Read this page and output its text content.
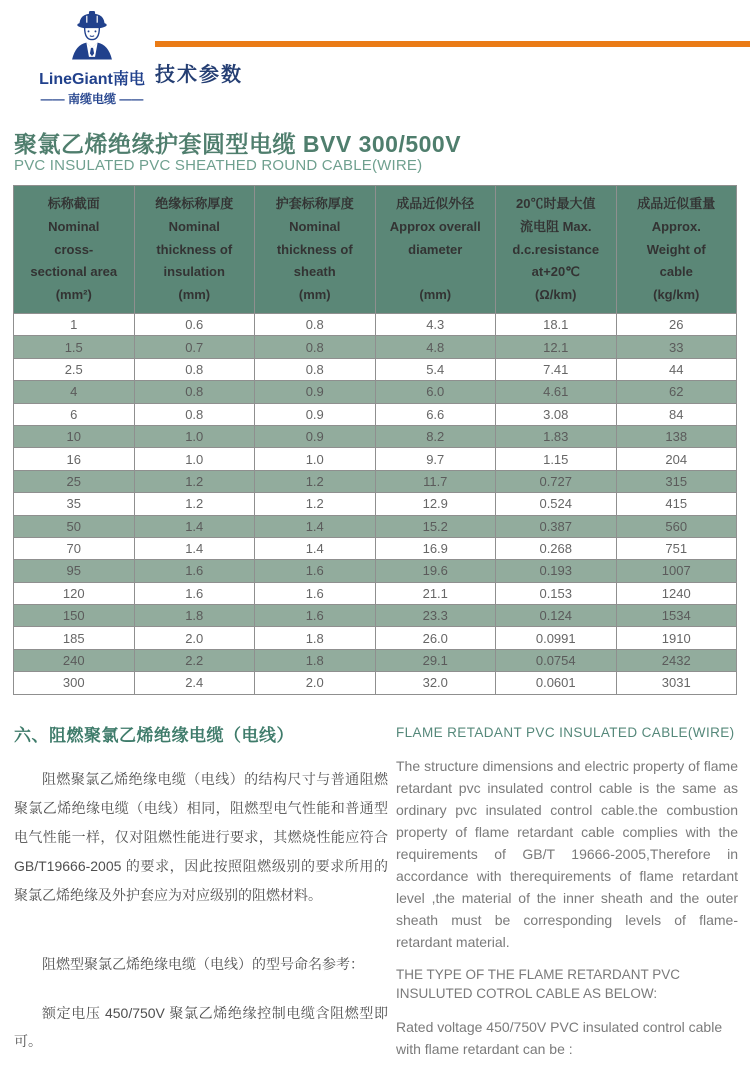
LineGiant南电
—— 南缆电缆 ——
技术参数
聚氯乙烯绝缘护套圆型电缆 BVV 300/500V
PVC INSULATED PVC SHEATHED ROUND CABLE(WIRE)
标称截面
Nominal
cross-
sectional area
(mm²)

绝缘标称厚度
Nominal
thickness of
insulation
(mm)

护套标称厚度
Nominal
thickness of
sheath
(mm)

成品近似外径
Approx overall
diameter
(mm)

20℃时最大值
流电阻 Max.
d.c.resistance
at+20℃
(Ω/km)

成品近似重量
Approx.
Weight of
cable
(kg/km)

1	0.6	0.8	4.3	18.1	26
1.5	0.7	0.8	4.8	12.1	33
2.5	0.8	0.8	5.4	7.41	44
4	0.8	0.9	6.0	4.61	62
6	0.8	0.9	6.6	3.08	84
10	1.0	0.9	8.2	1.83	138
16	1.0	1.0	9.7	1.15	204
25	1.2	1.2	11.7	0.727	315
35	1.2	1.2	12.9	0.524	415
50	1.4	1.4	15.2	0.387	560
70	1.4	1.4	16.9	0.268	751
95	1.6	1.6	19.6	0.193	1007
120	1.6	1.6	21.1	0.153	1240
150	1.8	1.6	23.3	0.124	1534
185	2.0	1.8	26.0	0.0991	1910
240	2.2	1.8	29.1	0.0754	2432
300	2.4	2.0	32.0	0.0601	3031
六、阻燃聚氯乙烯绝缘电缆（电线）
阻燃聚氯乙烯绝缘电缆（电线）的结构尺寸与普通阻燃聚氯乙烯绝缘电缆（电线）相同，阻燃型电气性能和普通型电气性能一样，仅对阻燃性能进行要求，其燃烧性能应符合 GB/T19666-2005 的要求，因此按照阻燃级别的要求所用的聚氯乙烯绝缘及外护套应为对应级别的阻燃材料。
阻燃型聚氯乙烯绝缘电缆（电线）的型号命名参考：
额定电压 450/750V 聚氯乙烯绝缘控制电缆含阻燃型即可。
FLAME RETADANT PVC INSULATED CABLE(WIRE)
The structure dimensions and electric property of flame retardant pvc insulated control cable is the same as ordinary pvc insulated control cable.the combustion property of flame retardant cable complies with the requirements of GB/T 19666-2005,Therefore in accordance with therequirements of flame retardant level ,the material of the inner sheath and the outer sheath must be corresponding levels of flame-retardant material.
THE TYPE OF THE FLAME RETARDANT PVC INSULUTED COTROL CABLE AS BELOW:
Rated voltage 450/750V PVC insulated control cable with flame retardant can be :
